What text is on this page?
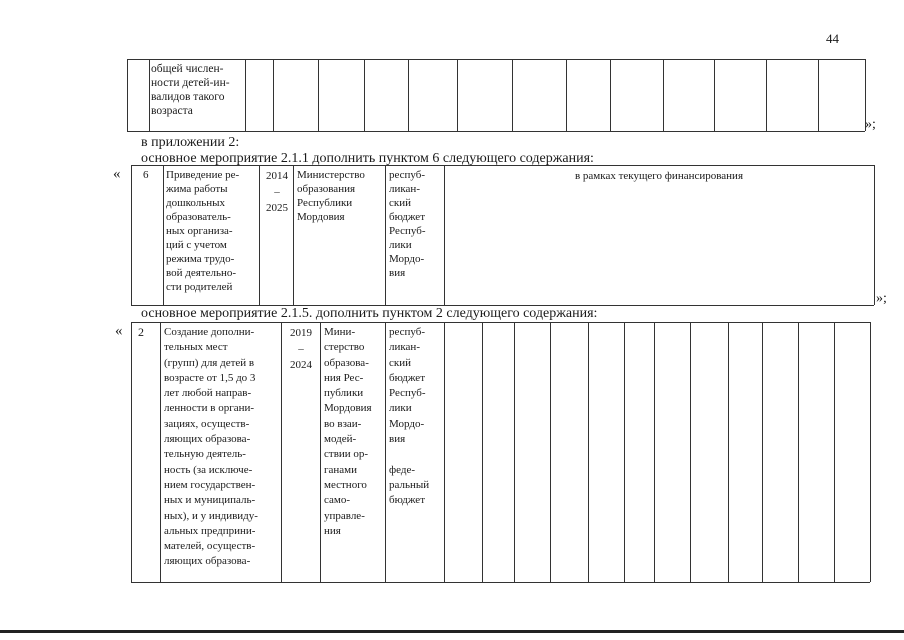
44
общей числен-
ности детей-ин-
валидов такого
возраста
»;
в приложении 2:
основное мероприятие 2.1.1 дополнить пунктом 6 следующего содержания:
« 6 Приведение ре-
жима работы
дошкольных
образователь-
ных организа-
ций с учетом
режима трудо-
вой деятельно-
сти родителей
2014
–
2025
Министерство
образования
Республики
Мордовия
респуб-
ликан-
ский
бюджет
Респуб-
лики
Мордо-
вия
в рамках текущего финансирования
»;
основное мероприятие 2.1.5. дополнить пунктом 2 следующего содержания:
« 2 Создание дополни-
тельных мест
(групп) для детей в
возрасте от 1,5 до 3
лет любой направ-
ленности в органи-
зациях, осуществ-
ляющих образова-
тельную деятель-
ность (за исключе-
нием государствен-
ных и муниципаль-
ных), и у индивиду-
альных предприни-
мателей, осуществ-
ляющих образова-
2019
–
2024
Мини-
стерство
образова-
ния Рес-
публики
Мордовия
во взаи-
модей-
ствии ор-
ганами
местного
само-
управле-
ния
респуб-
ликан-
ский
бюджет
Респуб-
лики
Мордо-
вия

феде-
ральный
бюджет
